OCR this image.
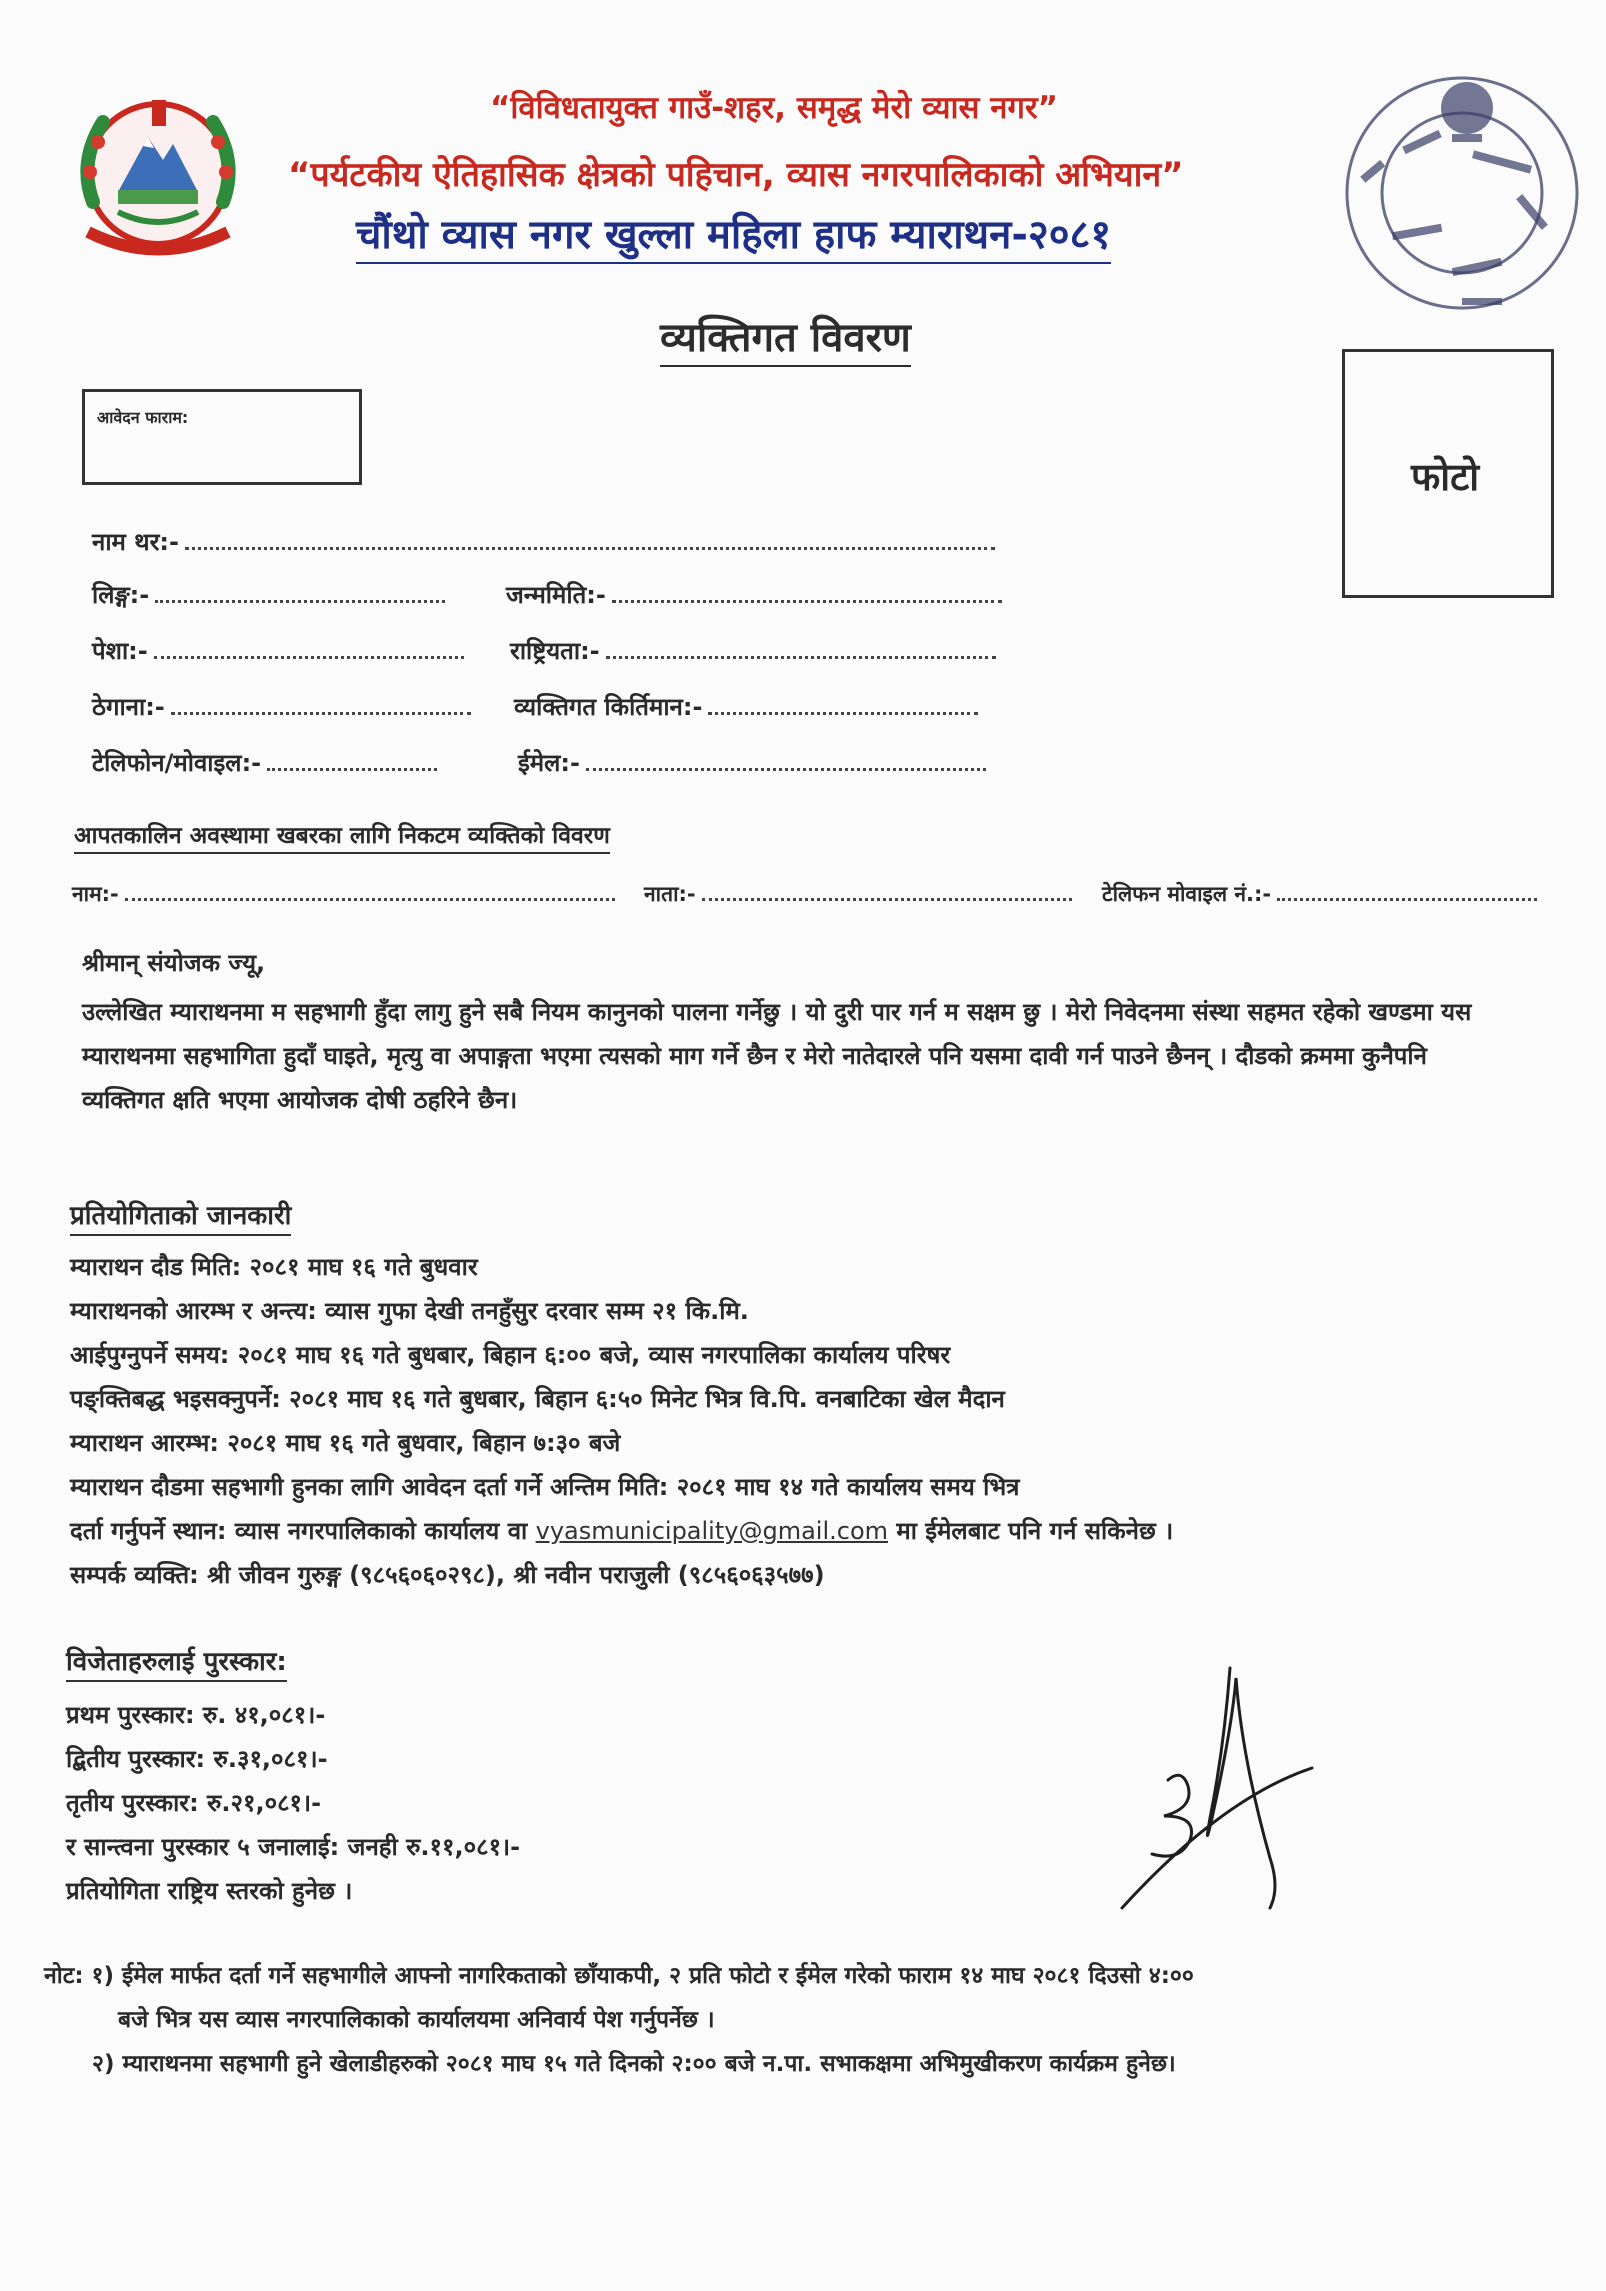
“विविधतायुक्त गाउँ-शहर, समृद्ध मेरो व्यास नगर”
“पर्यटकीय ऐतिहासिक क्षेत्रको पहिचान, व्यास नगरपालिकाको अभियान”
चौंथो व्यास नगर खुल्ला महिला हाफ म्याराथन-२०८१
व्यक्तिगत विवरण
आवेदन फाराम:
फोटो
नाम थर:-
लिङ्ग:-	जन्ममिति:-
पेशा:-	राष्ट्रियता:-
ठेगाना:-	व्यक्तिगत किर्तिमान:-
टेलिफोन/मोवाइल:-	ईमेल:-
आपतकालिन अवस्थामा खबरका लागि निकटम व्यक्तिको विवरण
नाम:-	नाता:-	टेलिफन मोवाइल नं.:-
श्रीमान् संयोजक ज्यू,
उल्लेखित म्याराथनमा म सहभागी हुँदा लागु हुने सबै नियम कानुनको पालना गर्नेछु । यो दुरी पार गर्न म सक्षम छु । मेरो निवेदनमा संस्था सहमत रहेको खण्डमा यस म्याराथनमा सहभागिता हुदाँ घाइते, मृत्यु वा अपाङ्गता भएमा त्यसको माग गर्ने छैन र मेरो नातेदारले पनि यसमा दावी गर्न पाउने छैनन् । दौडको क्रममा कुनैपनि व्यक्तिगत क्षति भएमा आयोजक दोषी ठहरिने छैन।
प्रतियोगिताको जानकारी
म्याराथन दौड मिति: २०८१ माघ १६ गते बुधवार
म्याराथनको आरम्भ र अन्त्य: व्यास गुफा देखी तनहुँसुर दरवार सम्म २१ कि.मि.
आईपुग्नुपर्ने समय: २०८१ माघ १६ गते बुधबार, बिहान ६:०० बजे, व्यास नगरपालिका कार्यालय परिषर
पङ्क्तिबद्ध भइसक्नुपर्ने: २०८१ माघ १६ गते बुधबार, बिहान ६:५० मिनेट भित्र वि.पि. वनबाटिका खेल मैदान
म्याराथन आरम्भ: २०८१ माघ १६ गते बुधवार, बिहान ७:३० बजे
म्याराथन दौडमा सहभागी हुनका लागि आवेदन दर्ता गर्ने अन्तिम मिति: २०८१ माघ १४ गते कार्यालय समय भित्र
दर्ता गर्नुपर्ने स्थान: व्यास नगरपालिकाको कार्यालय वा vyasmunicipality@gmail.com मा ईमेलबाट पनि गर्न सकिनेछ ।
सम्पर्क व्यक्ति: श्री जीवन गुरुङ्ग (९८५६०६०२९८), श्री नवीन पराजुली (९८५६०६३५७७)
विजेताहरुलाई पुरस्कार:
प्रथम पुरस्कार: रु. ४१,०८१।-
द्बितीय पुरस्कार: रु.३१,०८१।-
तृतीय पुरस्कार: रु.२१,०८१।-
र सान्त्वना पुरस्कार ५ जनालाई: जनही रु.११,०८१।-
प्रतियोगिता राष्ट्रिय स्तरको हुनेछ ।
नोट: १) ईमेल मार्फत दर्ता गर्ने सहभागीले आफ्नो नागरिकताको छाँयाकपी, २ प्रति फोटो र ईमेल गरेको फाराम १४ माघ २०८१ दिउसो ४:००
बजे भित्र यस व्यास नगरपालिकाको कार्यालयमा अनिवार्य पेश गर्नुपर्नेछ ।
२) म्याराथनमा सहभागी हुने खेलाडीहरुको २०८१ माघ १५ गते दिनको २:०० बजे न.पा. सभाकक्षमा अभिमुखीकरण कार्यक्रम हुनेछ।
